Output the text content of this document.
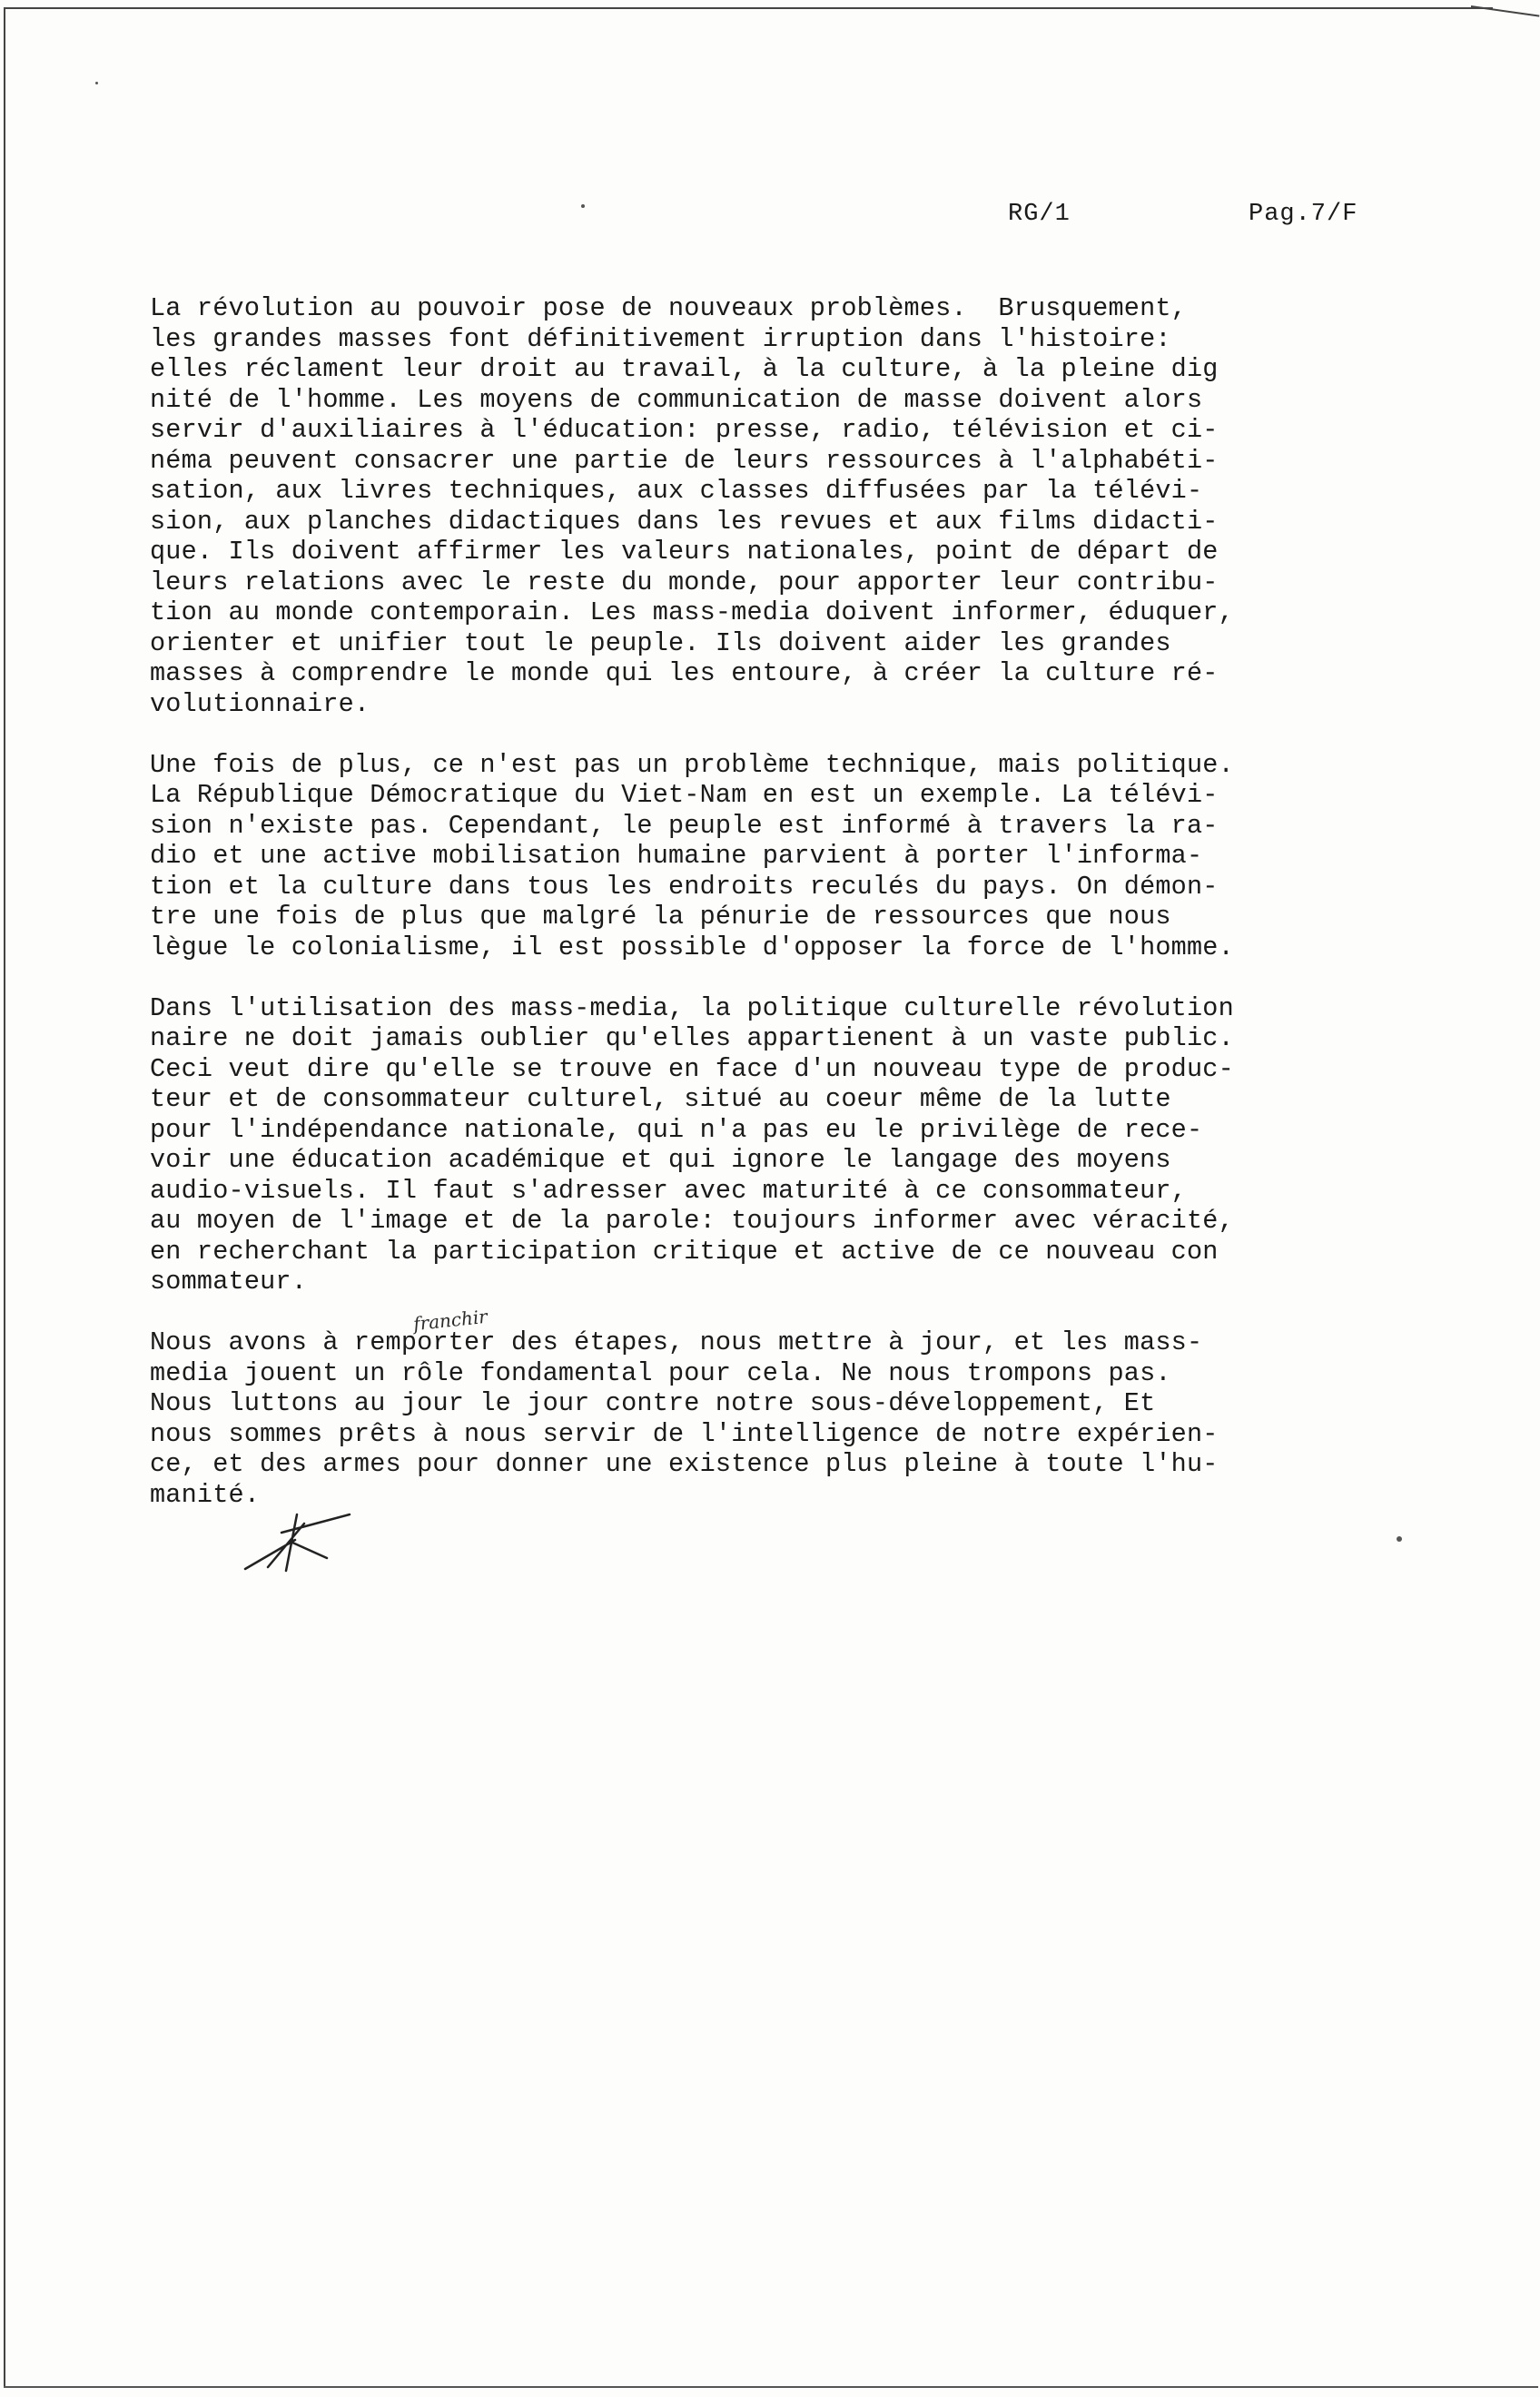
RG/1	Pag.7/F
La révolution au pouvoir pose de nouveaux problèmes.  Brusquement,
les grandes masses font définitivement irruption dans l'histoire:
elles réclament leur droit au travail, à la culture, à la pleine dig
nité de l'homme. Les moyens de communication de masse doivent alors
servir d'auxiliaires à l'éducation: presse, radio, télévision et ci-
néma peuvent consacrer une partie de leurs ressources à l'alphabéti-
sation, aux livres techniques, aux classes diffusées par la télévi-
sion, aux planches didactiques dans les revues et aux films didacti-
que. Ils doivent affirmer les valeurs nationales, point de départ de
leurs relations avec le reste du monde, pour apporter leur contribu-
tion au monde contemporain. Les mass-media doivent informer, éduquer,
orienter et unifier tout le peuple. Ils doivent aider les grandes
masses à comprendre le monde qui les entoure, à créer la culture ré-
volutionnaire.
Une fois de plus, ce n'est pas un problème technique, mais politique.
La République Démocratique du Viet-Nam en est un exemple. La télévi-
sion n'existe pas. Cependant, le peuple est informé à travers la ra-
dio et une active mobilisation humaine parvient à porter l'informa-
tion et la culture dans tous les endroits reculés du pays. On démon-
tre une fois de plus que malgré la pénurie de ressources que nous
lègue le colonialisme, il est possible d'opposer la force de l'homme.
Dans l'utilisation des mass-media, la politique culturelle révolution
naire ne doit jamais oublier qu'elles appartienent à un vaste public.
Ceci veut dire qu'elle se trouve en face d'un nouveau type de produc-
teur et de consommateur culturel, situé au coeur même de la lutte
pour l'indépendance nationale, qui n'a pas eu le privilège de rece-
voir une éducation académique et qui ignore le langage des moyens
audio-visuels. Il faut s'adresser avec maturité à ce consommateur,
au moyen de l'image et de la parole: toujours informer avec véracité,
en recherchant la participation critique et active de ce nouveau con
sommateur.
Nous avons à remporter des étapes, nous mettre à jour, et les mass-
media jouent un rôle fondamental pour cela. Ne nous trompons pas.
Nous luttons au jour le jour contre notre sous-développement, Et
nous sommes prêts à nous servir de l'intelligence de notre expérien-
ce, et des armes pour donner une existence plus pleine à toute l'hu-
manité.
franchir
